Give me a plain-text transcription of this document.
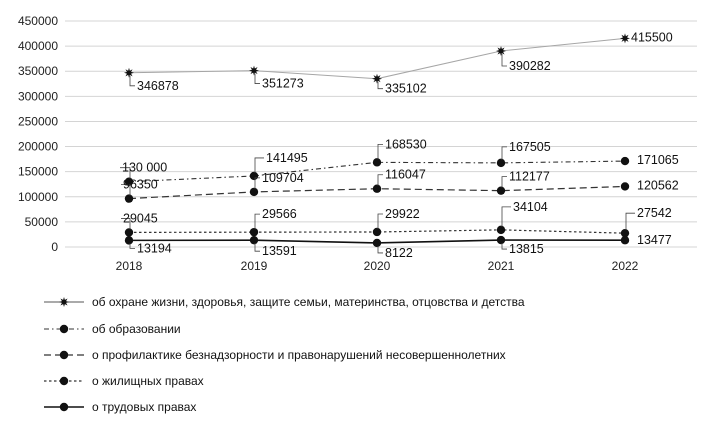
0
50000
100000
150000
200000
250000
300000
350000
400000
450000
2018	2019	2020	2021	2022
346878	351273	335102
390282
415500
130 000
141495
168530	167505
171065
96350	109704	116047	112177
120562
29045	29566	29922
34104	27542
13194	13591	8122	13815
13477
об охране жизни, здоровья, защите семьи, материнства, отцовства и детства
об образовании
о профилактике безнадзорности и правонарушений несовершеннолетних
о жилищных правах
о трудовых правах
